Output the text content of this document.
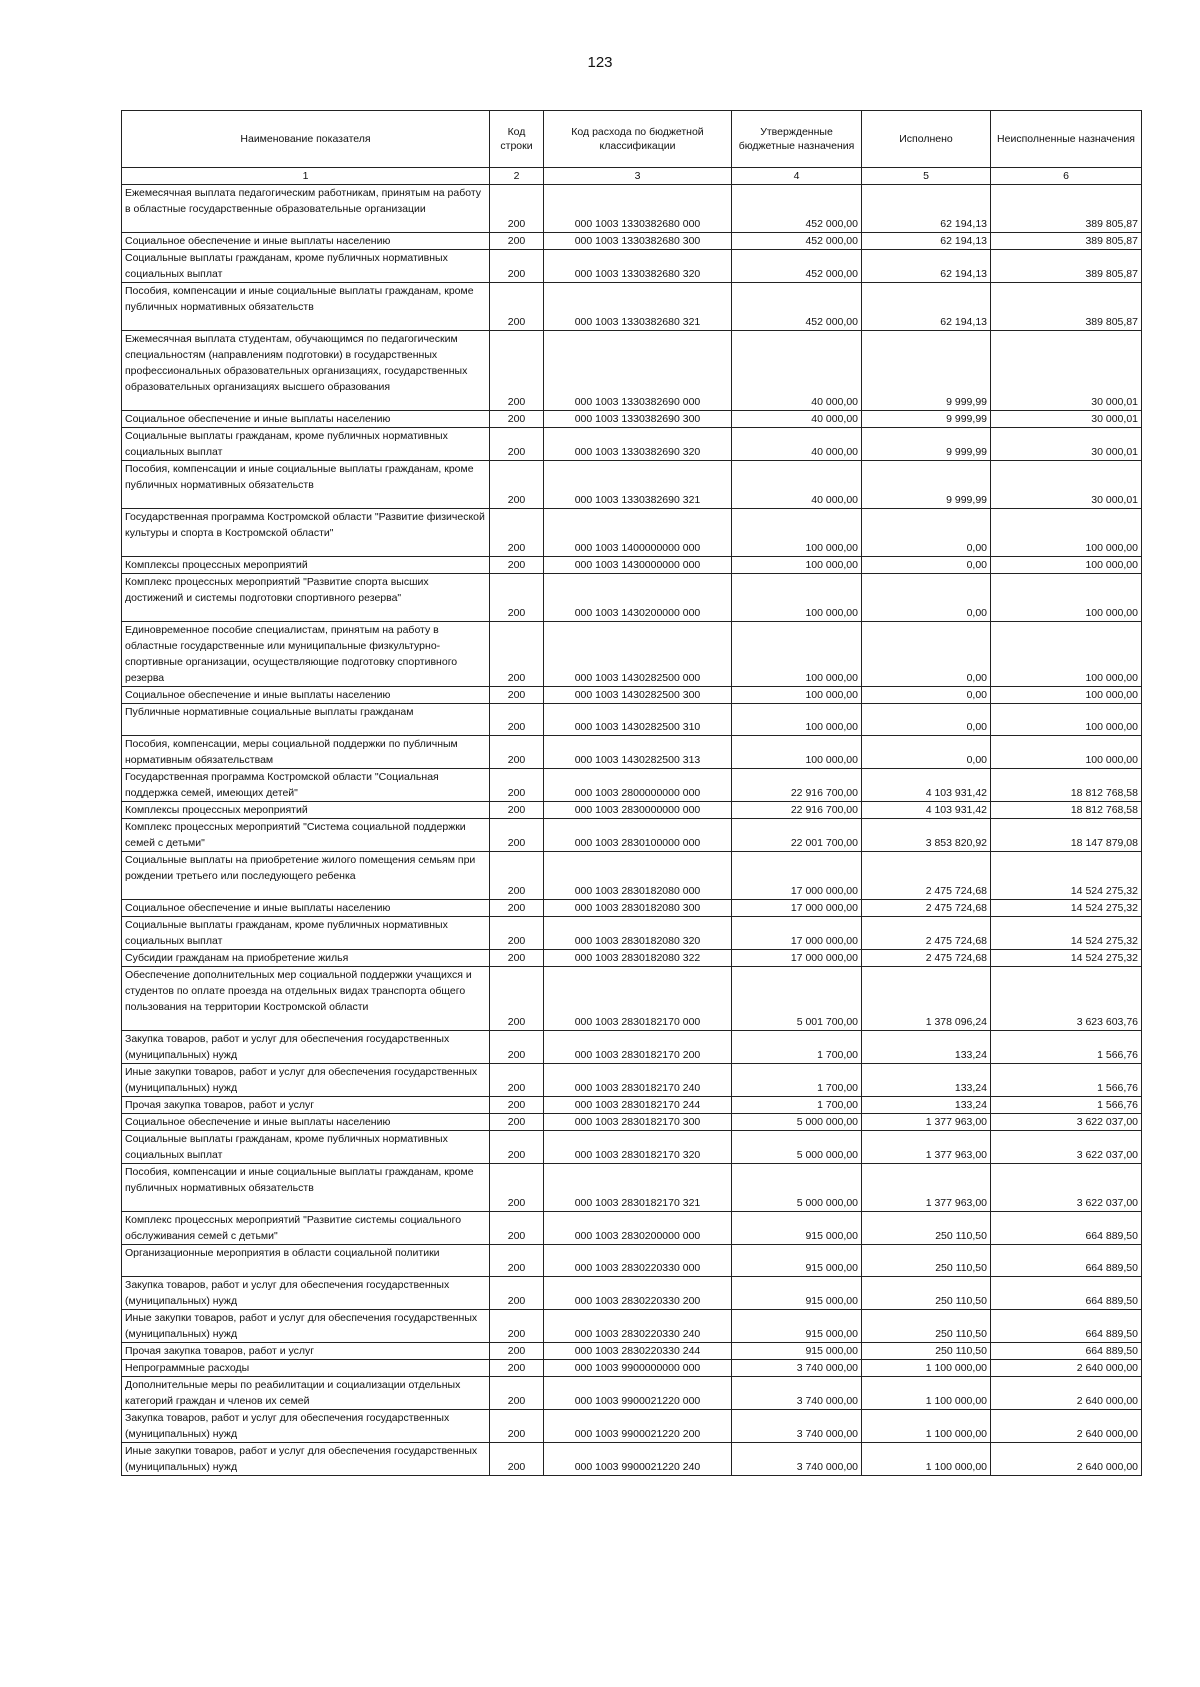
123
Наименование показателя	Код строки	Код расхода по бюджетной классификации	Утвержденные бюджетные назначения	Исполнено	Неисполненные назначения
1	2	3	4	5	6
Ежемесячная выплата педагогическим работникам, принятым на работу в областные государственные образовательные организации	200	000 1003 1330382680 000	452 000,00	62 194,13	389 805,87
Социальное обеспечение и иные выплаты населению	200	000 1003 1330382680 300	452 000,00	62 194,13	389 805,87
Социальные выплаты гражданам, кроме публичных нормативных социальных выплат	200	000 1003 1330382680 320	452 000,00	62 194,13	389 805,87
Пособия, компенсации и иные социальные выплаты гражданам, кроме публичных нормативных обязательств	200	000 1003 1330382680 321	452 000,00	62 194,13	389 805,87
Ежемесячная выплата студентам, обучающимся по педагогическим специальностям (направлениям подготовки) в государственных профессиональных образовательных организациях, государственных образовательных организациях высшего образования	200	000 1003 1330382690 000	40 000,00	9 999,99	30 000,01
Социальное обеспечение и иные выплаты населению	200	000 1003 1330382690 300	40 000,00	9 999,99	30 000,01
Социальные выплаты гражданам, кроме публичных нормативных социальных выплат	200	000 1003 1330382690 320	40 000,00	9 999,99	30 000,01
Пособия, компенсации и иные социальные выплаты гражданам, кроме публичных нормативных обязательств	200	000 1003 1330382690 321	40 000,00	9 999,99	30 000,01
Государственная программа Костромской области "Развитие физической культуры и спорта в Костромской области"	200	000 1003 1400000000 000	100 000,00	0,00	100 000,00
Комплексы процессных мероприятий	200	000 1003 1430000000 000	100 000,00	0,00	100 000,00
Комплекс процессных мероприятий "Развитие спорта высших достижений и системы подготовки спортивного резерва"	200	000 1003 1430200000 000	100 000,00	0,00	100 000,00
Единовременное пособие специалистам, принятым на работу в областные государственные или муниципальные физкультурно-спортивные организации, осуществляющие подготовку спортивного резерва	200	000 1003 1430282500 000	100 000,00	0,00	100 000,00
Социальное обеспечение и иные выплаты населению	200	000 1003 1430282500 300	100 000,00	0,00	100 000,00
Публичные нормативные социальные выплаты гражданам	200	000 1003 1430282500 310	100 000,00	0,00	100 000,00
Пособия, компенсации, меры социальной поддержки по публичным нормативным обязательствам	200	000 1003 1430282500 313	100 000,00	0,00	100 000,00
Государственная программа Костромской области "Социальная поддержка семей, имеющих детей"	200	000 1003 2800000000 000	22 916 700,00	4 103 931,42	18 812 768,58
Комплексы процессных мероприятий	200	000 1003 2830000000 000	22 916 700,00	4 103 931,42	18 812 768,58
Комплекс процессных мероприятий "Система социальной поддержки семей с детьми"	200	000 1003 2830100000 000	22 001 700,00	3 853 820,92	18 147 879,08
Социальные выплаты на приобретение жилого помещения семьям при рождении третьего или последующего ребенка	200	000 1003 2830182080 000	17 000 000,00	2 475 724,68	14 524 275,32
Социальное обеспечение и иные выплаты населению	200	000 1003 2830182080 300	17 000 000,00	2 475 724,68	14 524 275,32
Социальные выплаты гражданам, кроме публичных нормативных социальных выплат	200	000 1003 2830182080 320	17 000 000,00	2 475 724,68	14 524 275,32
Субсидии гражданам на приобретение жилья	200	000 1003 2830182080 322	17 000 000,00	2 475 724,68	14 524 275,32
Обеспечение дополнительных мер социальной поддержки учащихся и студентов по оплате проезда на отдельных видах транспорта общего пользования на территории Костромской области	200	000 1003 2830182170 000	5 001 700,00	1 378 096,24	3 623 603,76
Закупка товаров, работ и услуг для обеспечения государственных (муниципальных) нужд	200	000 1003 2830182170 200	1 700,00	133,24	1 566,76
Иные закупки товаров, работ и услуг для обеспечения государственных (муниципальных) нужд	200	000 1003 2830182170 240	1 700,00	133,24	1 566,76
Прочая закупка товаров, работ и услуг	200	000 1003 2830182170 244	1 700,00	133,24	1 566,76
Социальное обеспечение и иные выплаты населению	200	000 1003 2830182170 300	5 000 000,00	1 377 963,00	3 622 037,00
Социальные выплаты гражданам, кроме публичных нормативных социальных выплат	200	000 1003 2830182170 320	5 000 000,00	1 377 963,00	3 622 037,00
Пособия, компенсации и иные социальные выплаты гражданам, кроме публичных нормативных обязательств	200	000 1003 2830182170 321	5 000 000,00	1 377 963,00	3 622 037,00
Комплекс процессных мероприятий "Развитие системы социального обслуживания семей с детьми"	200	000 1003 2830200000 000	915 000,00	250 110,50	664 889,50
Организационные мероприятия в области социальной политики	200	000 1003 2830220330 000	915 000,00	250 110,50	664 889,50
Закупка товаров, работ и услуг для обеспечения государственных (муниципальных) нужд	200	000 1003 2830220330 200	915 000,00	250 110,50	664 889,50
Иные закупки товаров, работ и услуг для обеспечения государственных (муниципальных) нужд	200	000 1003 2830220330 240	915 000,00	250 110,50	664 889,50
Прочая закупка товаров, работ и услуг	200	000 1003 2830220330 244	915 000,00	250 110,50	664 889,50
Непрограммные расходы	200	000 1003 9900000000 000	3 740 000,00	1 100 000,00	2 640 000,00
Дополнительные меры по реабилитации и социализации отдельных категорий граждан и членов их семей	200	000 1003 9900021220 000	3 740 000,00	1 100 000,00	2 640 000,00
Закупка товаров, работ и услуг для обеспечения государственных (муниципальных) нужд	200	000 1003 9900021220 200	3 740 000,00	1 100 000,00	2 640 000,00
Иные закупки товаров, работ и услуг для обеспечения государственных (муниципальных) нужд	200	000 1003 9900021220 240	3 740 000,00	1 100 000,00	2 640 000,00
